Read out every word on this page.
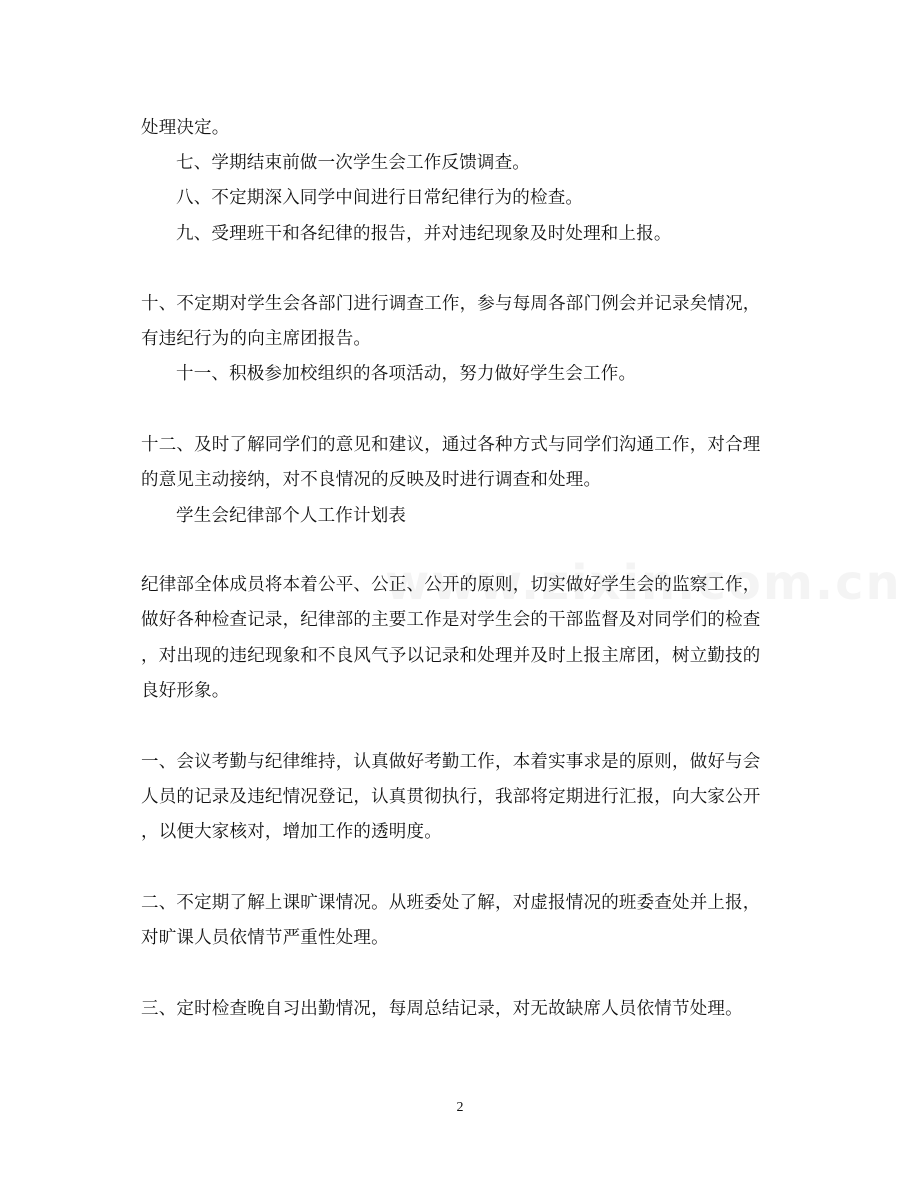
处理决定。
七、学期结束前做一次学生会工作反馈调查。
八、不定期深入同学中间进行日常纪律行为的检查。
九、受理班干和各纪律的报告，并对违纪现象及时处理和上报。
十、不定期对学生会各部门进行调查工作，参与每周各部门例会并记录矣情况，
有违纪行为的向主席团报告。
十一、积极参加校组织的各项活动，努力做好学生会工作。
十二、及时了解同学们的意见和建议，通过各种方式与同学们沟通工作，对合理
的意见主动接纳，对不良情况的反映及时进行调查和处理。
学生会纪律部个人工作计划表
纪律部全体成员将本着公平、公正、公开的原则，切实做好学生会的监察工作，
做好各种检查记录，纪律部的主要工作是对学生会的干部监督及对同学们的检查
，对出现的违纪现象和不良风气予以记录和处理并及时上报主席团，树立勤技的
良好形象。
一、会议考勤与纪律维持，认真做好考勤工作，本着实事求是的原则，做好与会
人员的记录及违纪情况登记，认真贯彻执行，我部将定期进行汇报，向大家公开
，以便大家核对，增加工作的透明度。
二、不定期了解上课旷课情况。从班委处了解，对虚报情况的班委查处并上报，
对旷课人员依情节严重性处理。
三、定时检查晚自习出勤情况，每周总结记录，对无故缺席人员依情节处理。
2
